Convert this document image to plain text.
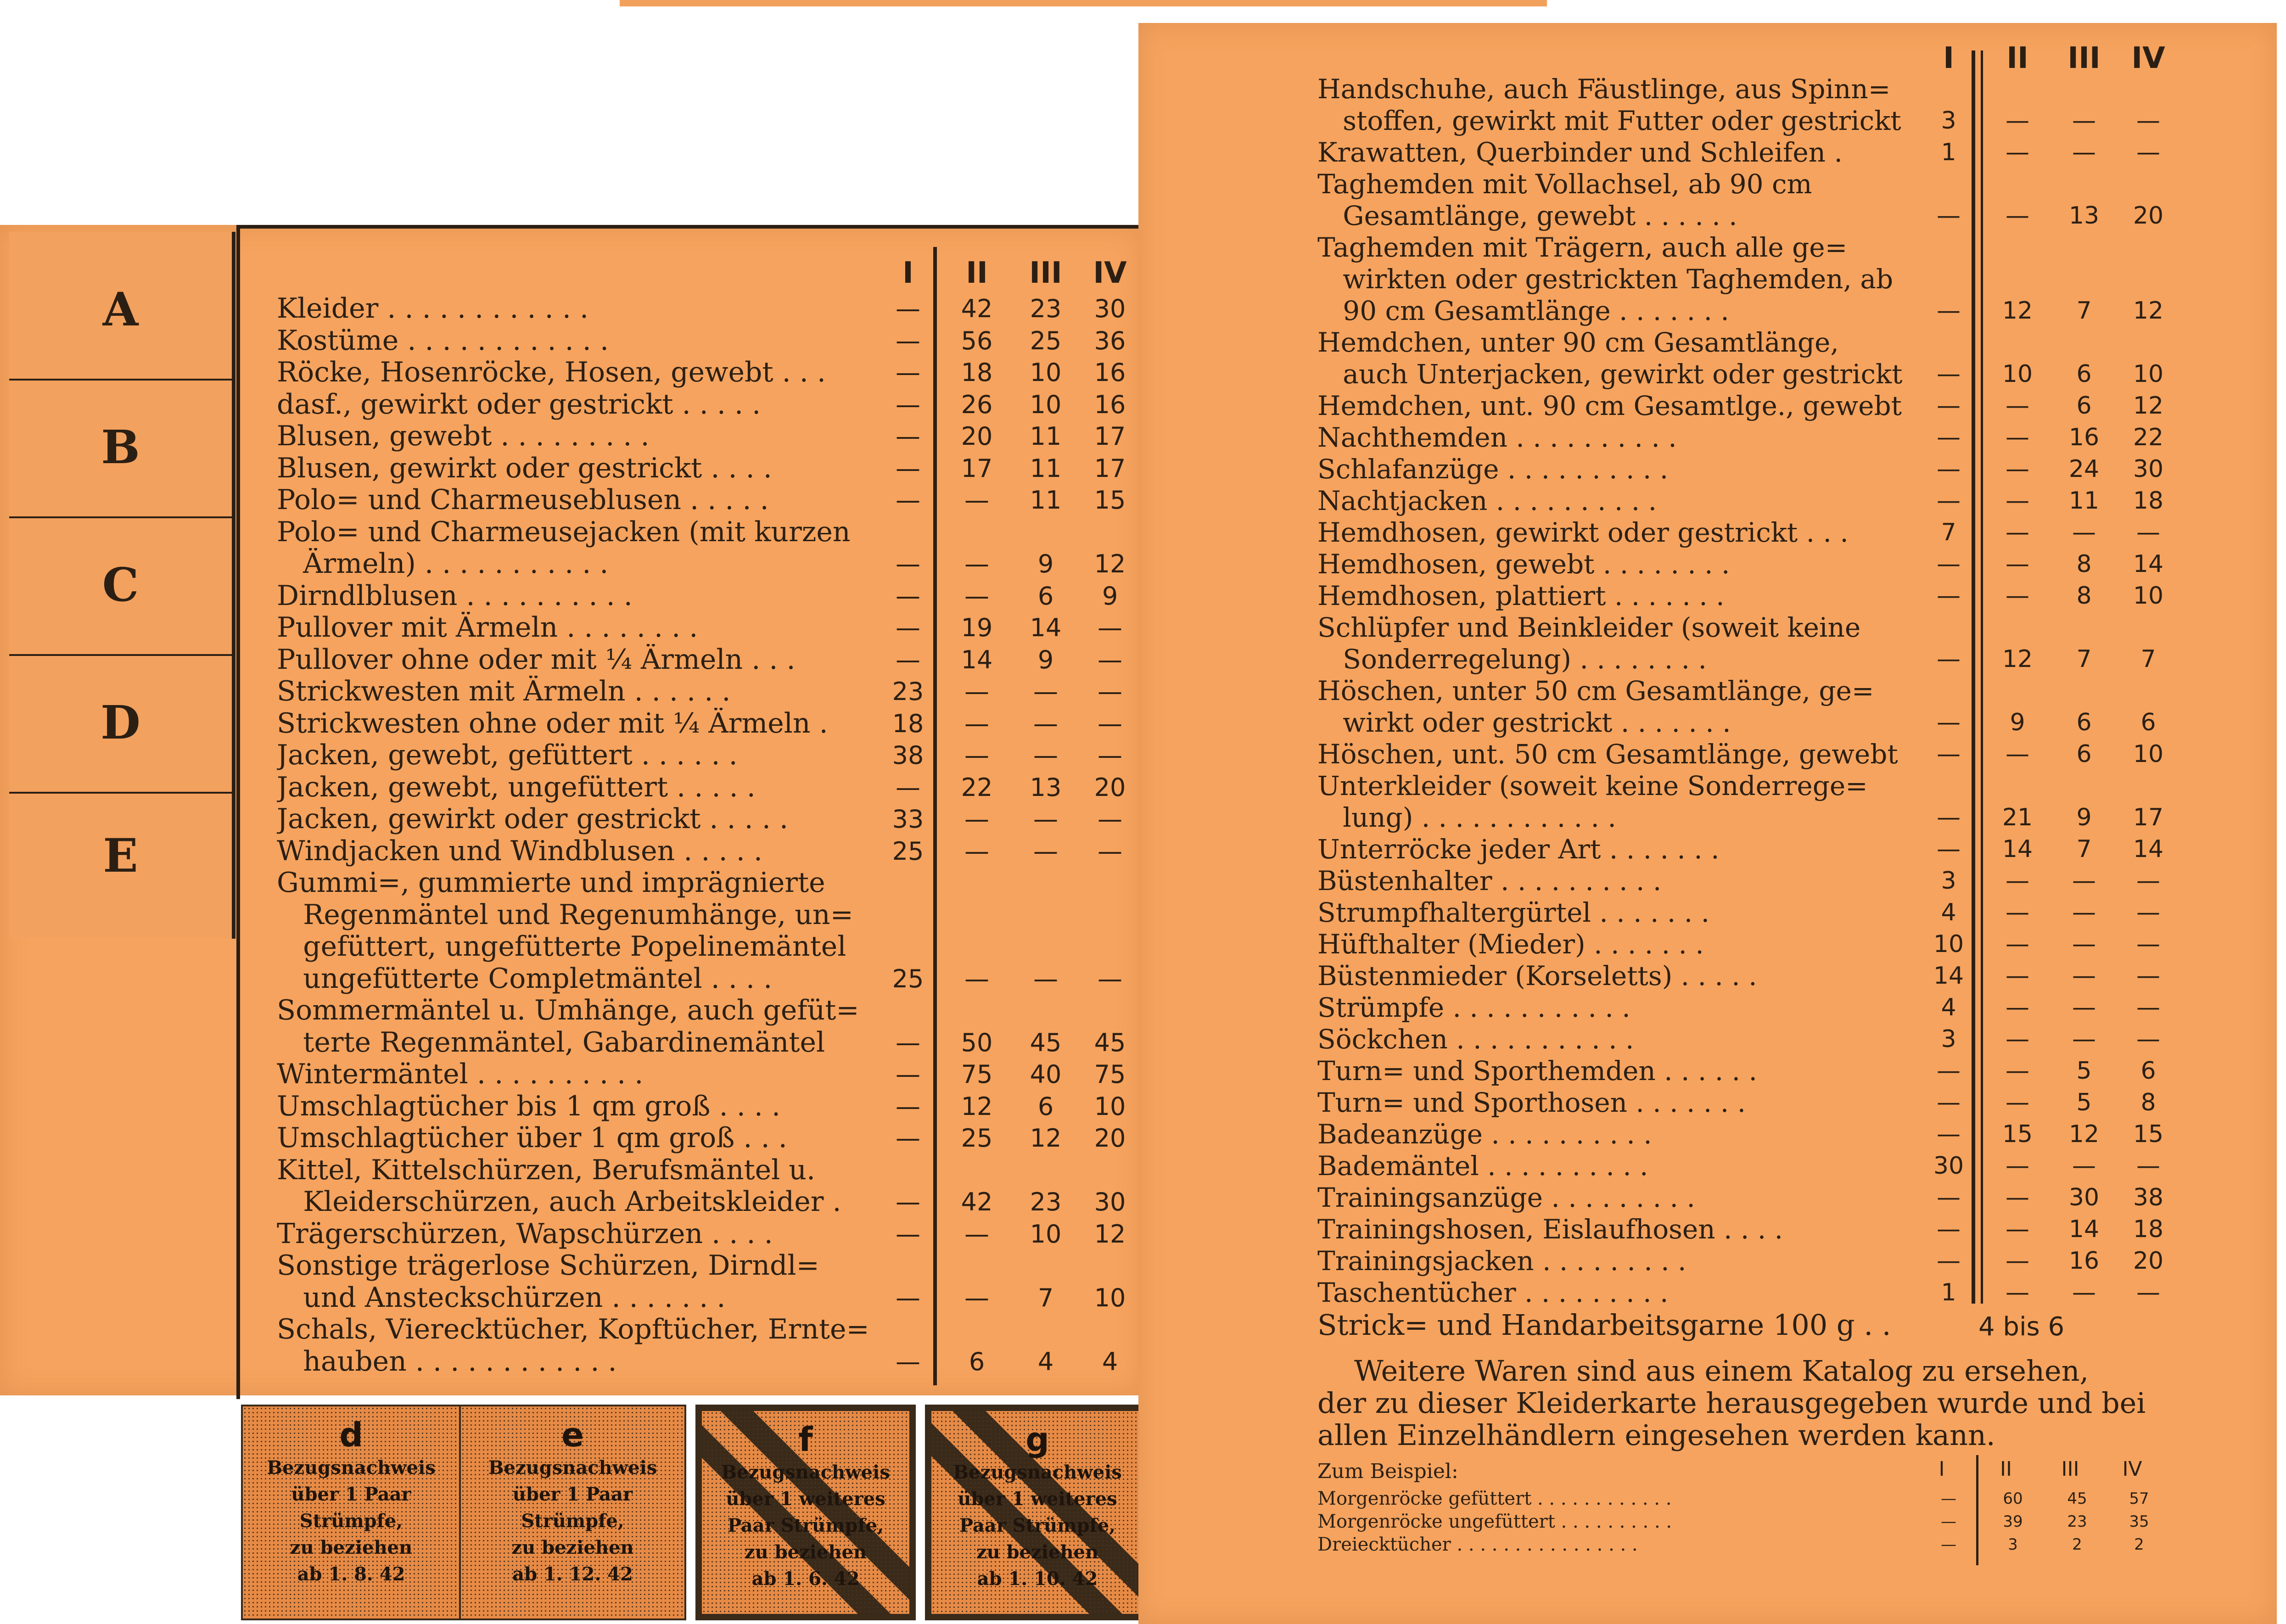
A
B
C
D
E
I	II	III	IV
Kleider . . . . . . . . . . . .	—	42	23	30
Kostüme . . . . . . . . . . . .	—	56	25	36
Röcke, Hosenröcke, Hosen, gewebt . . .	—	18	10	16
dasf., gewirkt oder gestrickt . . . . .	—	26	10	16
Blusen, gewebt . . . . . . . . .	—	20	11	17
Blusen, gewirkt oder gestrickt . . . .	—	17	11	17
Polo= und Charmeuseblusen . . . . .	—	—	11	15
Polo= und Charmeusejacken (mit kurzen
Ärmeln) . . . . . . . . . . .	—	—	9	12
Dirndlblusen . . . . . . . . . .	—	—	6	9
Pullover mit Ärmeln . . . . . . . .	—	19	14	—
Pullover ohne oder mit ¼ Ärmeln . . .	—	14	9	—
Strickwesten mit Ärmeln . . . . . .	23	—	—	—
Strickwesten ohne oder mit ¼ Ärmeln .	18	—	—	—
Jacken, gewebt, gefüttert . . . . . .	38	—	—	—
Jacken, gewebt, ungefüttert . . . . .	—	22	13	20
Jacken, gewirkt oder gestrickt . . . . .	33	—	—	—
Windjacken und Windblusen . . . . .	25	—	—	—
Gummi=, gummierte und imprägnierte
Regenmäntel und Regenumhänge, un=
gefüttert, ungefütterte Popelinemäntel
ungefütterte Completmäntel . . . .	25	—	—	—
Sommermäntel u. Umhänge, auch gefüt=
terte Regenmäntel, Gabardinemäntel	—	50	45	45
Wintermäntel . . . . . . . . . .	—	75	40	75
Umschlagtücher bis 1 qm groß . . . .	—	12	6	10
Umschlagtücher über 1 qm groß . . .	—	25	12	20
Kittel, Kittelschürzen, Berufsmäntel u.
Kleiderschürzen, auch Arbeitskleider .	—	42	23	30
Trägerschürzen, Wapschürzen . . . .	—	—	10	12
Sonstige trägerlose Schürzen, Dirndl=
und Ansteckschürzen . . . . . . .	—	—	7	10
Schals, Vierecktücher, Kopftücher, Ernte=
hauben . . . . . . . . . . . .	—	6	4	4
d
Bezugsnachweis
über 1 Paar
Strümpfe,
zu beziehen
ab 1. 8. 42
e
Bezugsnachweis
über 1 Paar
Strümpfe,
zu beziehen
ab 1. 12. 42
f
Bezugsnachweis
über 1 weiteres
Paar Strümpfe,
zu beziehen
ab 1. 6. 42
g
Bezugsnachweis
über 1 weiteres
Paar Strümpfe,
zu beziehen
ab 1. 10. 42
I	II	III	IV
Handschuhe, auch Fäustlinge, aus Spinn=
stoffen, gewirkt mit Futter oder gestrickt	3	—	—	—
Krawatten, Querbinder und Schleifen .	1	—	—	—
Taghemden mit Vollachsel, ab 90 cm
Gesamtlänge, gewebt . . . . . .	—	—	13	20
Taghemden mit Trägern, auch alle ge=
wirkten oder gestrickten Taghemden, ab
90 cm Gesamtlänge . . . . . . .	—	12	7	12
Hemdchen, unter 90 cm Gesamtlänge,
auch Unterjacken, gewirkt oder gestrickt	—	10	6	10
Hemdchen, unt. 90 cm Gesamtlge., gewebt	—	—	6	12
Nachthemden . . . . . . . . . .	—	—	16	22
Schlafanzüge . . . . . . . . . .	—	—	24	30
Nachtjacken . . . . . . . . . .	—	—	11	18
Hemdhosen, gewirkt oder gestrickt . . .	7	—	—	—
Hemdhosen, gewebt . . . . . . . .	—	—	8	14
Hemdhosen, plattiert . . . . . . .	—	—	8	10
Schlüpfer und Beinkleider (soweit keine
Sonderregelung) . . . . . . . .	—	12	7	7
Höschen, unter 50 cm Gesamtlänge, ge=
wirkt oder gestrickt . . . . . . .	—	9	6	6
Höschen, unt. 50 cm Gesamtlänge, gewebt	—	—	6	10
Unterkleider (soweit keine Sonderrege=
lung) . . . . . . . . . . . .	—	21	9	17
Unterröcke jeder Art . . . . . . .	—	14	7	14
Büstenhalter . . . . . . . . . .	3	—	—	—
Strumpfhaltergürtel . . . . . . .	4	—	—	—
Hüfthalter (Mieder) . . . . . . .	10	—	—	—
Büstenmieder (Korseletts) . . . . .	14	—	—	—
Strümpfe . . . . . . . . . . .	4	—	—	—
Söckchen . . . . . . . . . . .	3	—	—	—
Turn= und Sporthemden . . . . . .	—	—	5	6
Turn= und Sporthosen . . . . . . .	—	—	5	8
Badeanzüge . . . . . . . . . .	—	15	12	15
Bademäntel . . . . . . . . . .	30	—	—	—
Trainingsanzüge . . . . . . . . .	—	—	30	38
Trainingshosen, Eislaufhosen . . . .	—	—	14	18
Trainingsjacken . . . . . . . . .	—	—	16	20
Taschentücher . . . . . . . . .	1	—	—	—
Strick= und Handarbeitsgarne 100 g . .	4 bis 6
Weitere Waren sind aus einem Katalog zu ersehen,
der zu dieser Kleiderkarte herausgegeben wurde und bei
allen Einzelhändlern eingesehen werden kann.
Zum Beispiel:	I	II	III	IV
Morgenröcke gefüttert . . . . . . . . . . . .	—	60	45	57
Morgenröcke ungefüttert . . . . . . . . . .	—	39	23	35
Dreiecktücher . . . . . . . . . . . . . . . .	—	3	2	2
